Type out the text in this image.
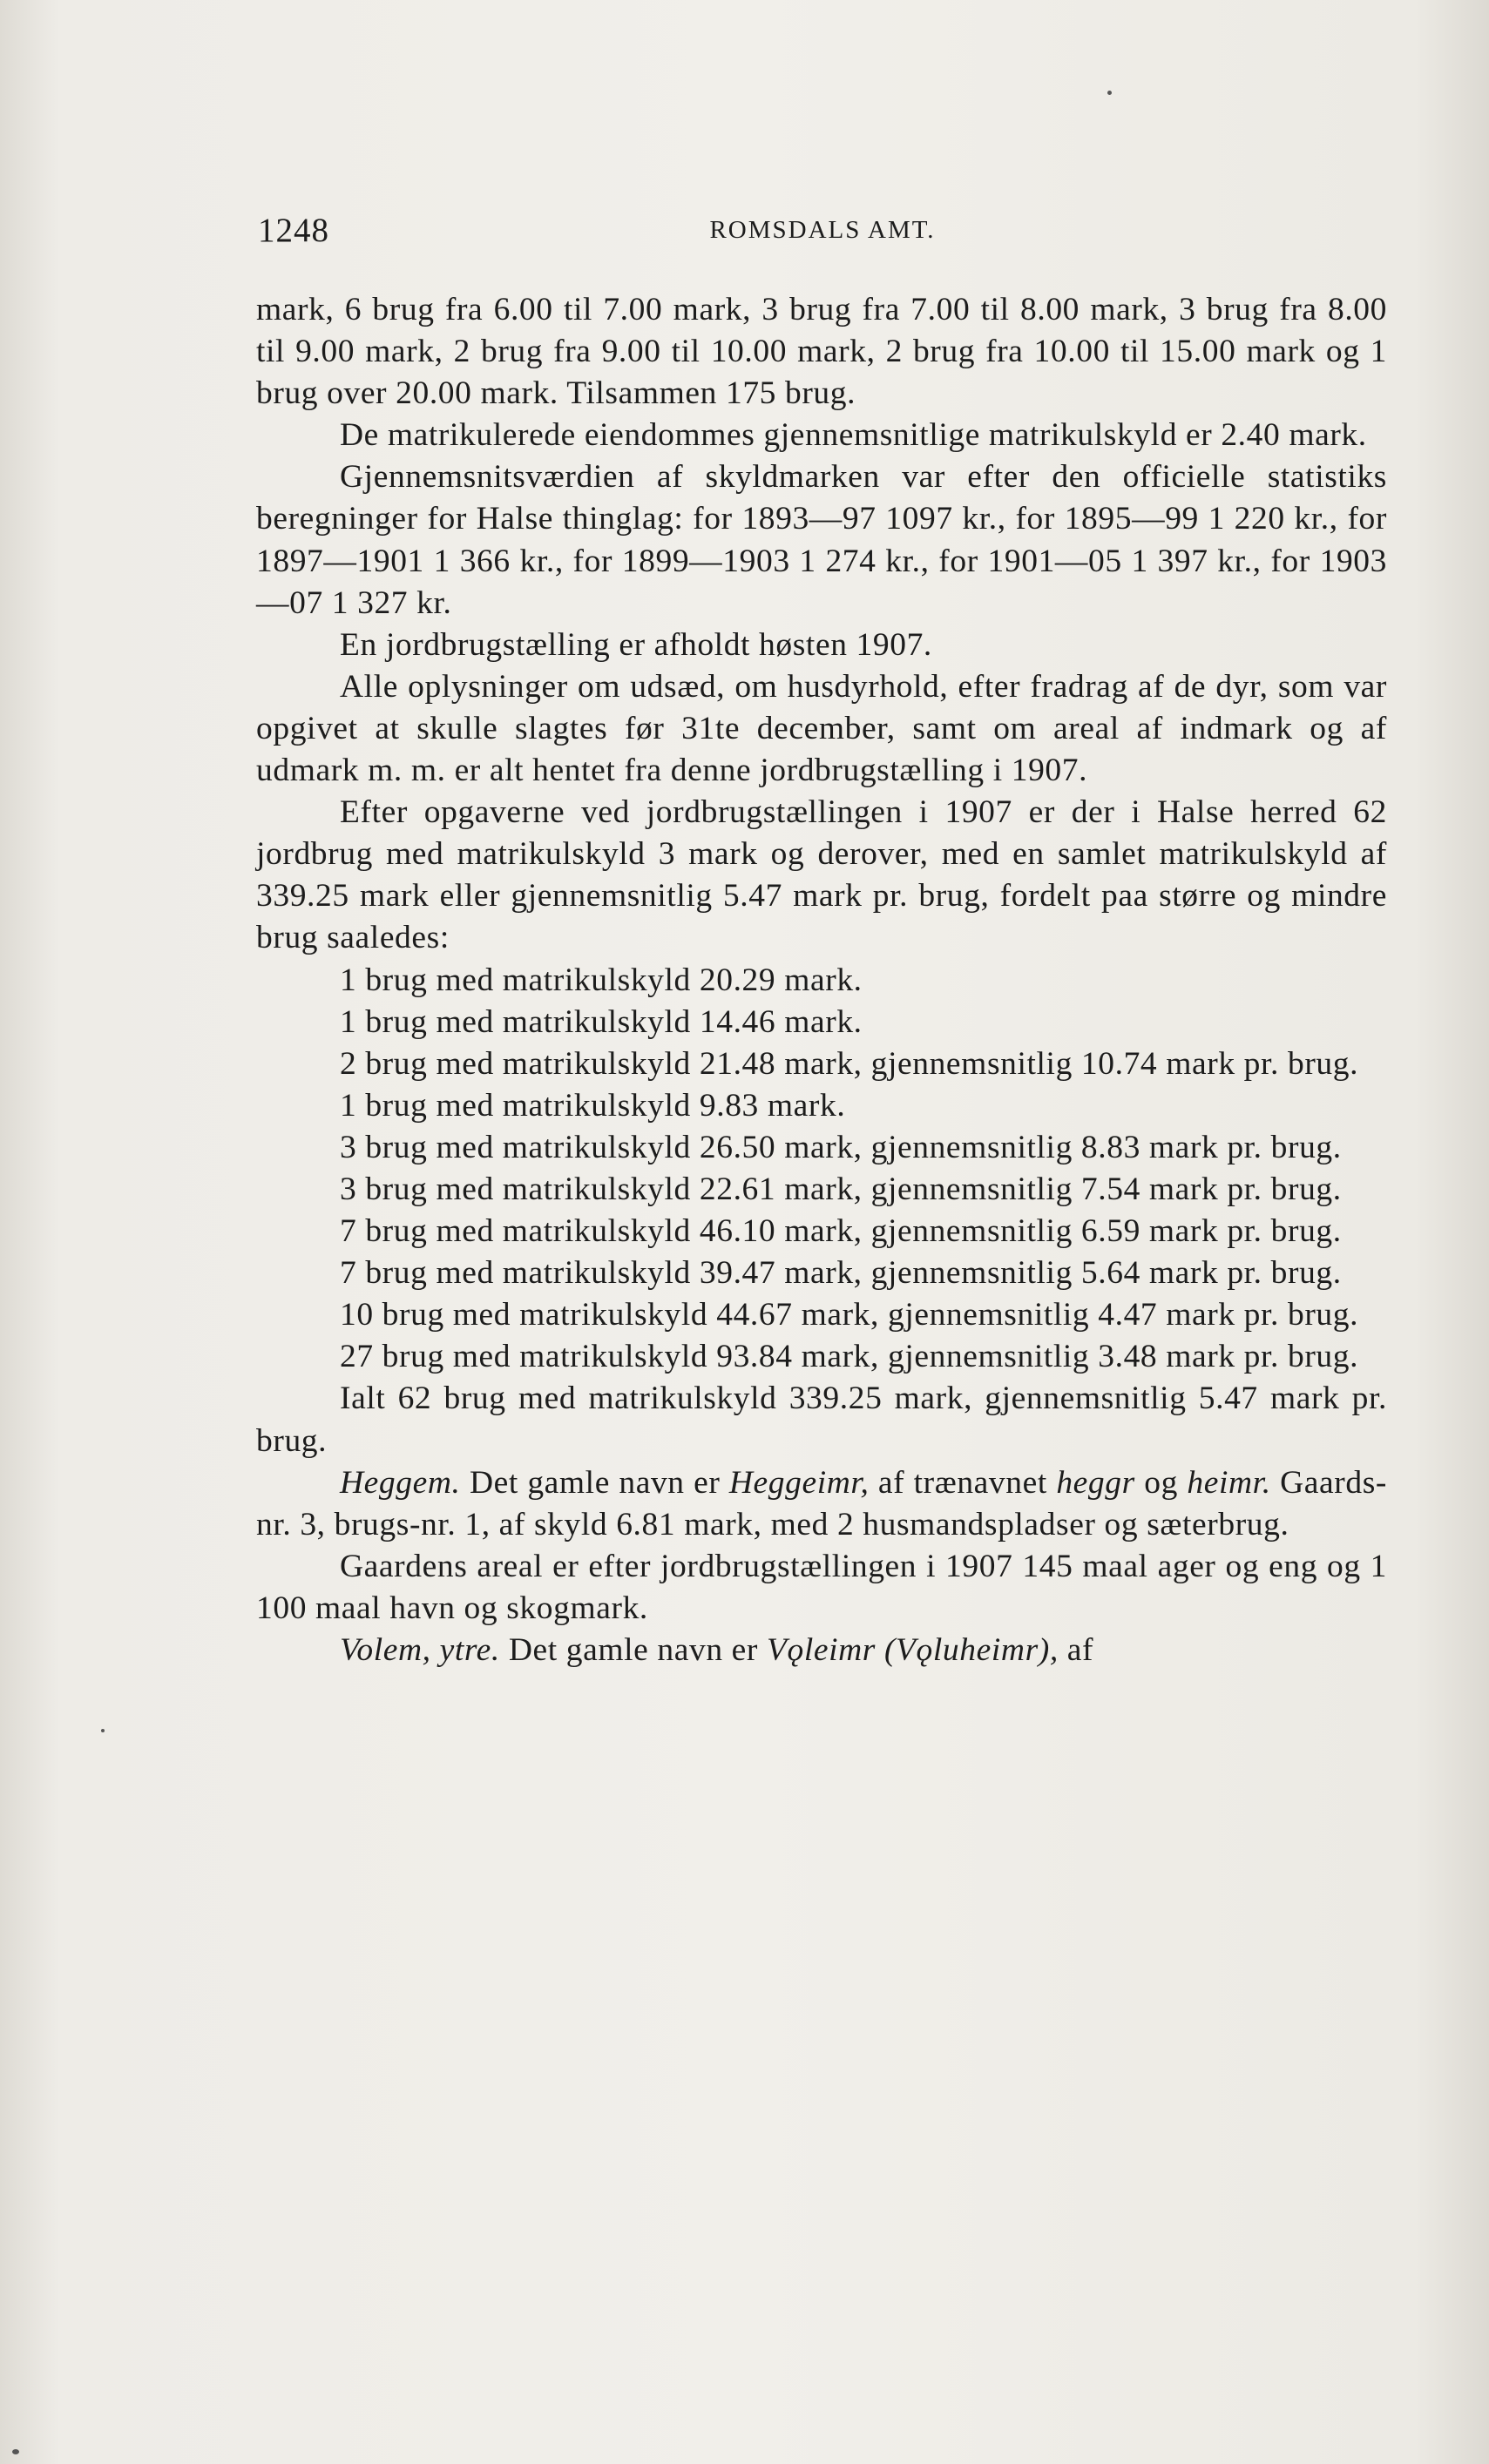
1248	ROMSDALS AMT.

mark, 6 brug fra 6.00 til 7.00 mark, 3 brug fra 7.00 til 8.00 mark, 3 brug fra 8.00 til 9.00 mark, 2 brug fra 9.00 til 10.00 mark, 2 brug fra 10.00 til 15.00 mark og 1 brug over 20.00 mark. Tilsammen 175 brug.

De matrikulerede eiendommes gjennemsnitlige matrikulskyld er 2.40 mark.

Gjennemsnitsværdien af skyldmarken var efter den officielle statistiks beregninger for Halse thinglag: for 1893—97 1097 kr., for 1895—99 1 220 kr., for 1897—1901 1 366 kr., for 1899—1903 1 274 kr., for 1901—05 1 397 kr., for 1903—07 1 327 kr.

En jordbrugstælling er afholdt høsten 1907.

Alle oplysninger om udsæd, om husdyrhold, efter fradrag af de dyr, som var opgivet at skulle slagtes før 31te december, samt om areal af indmark og af udmark m. m. er alt hentet fra denne jordbrugstælling i 1907.

Efter opgaverne ved jordbrugstællingen i 1907 er der i Halse herred 62 jordbrug med matrikulskyld 3 mark og derover, med en samlet matrikulskyld af 339.25 mark eller gjennemsnitlig 5.47 mark pr. brug, fordelt paa større og mindre brug saaledes:

1 brug med matrikulskyld 20.29 mark.

1 brug med matrikulskyld 14.46 mark.

2 brug med matrikulskyld 21.48 mark, gjennemsnitlig 10.74 mark pr. brug.

1 brug med matrikulskyld 9.83 mark.

3 brug med matrikulskyld 26.50 mark, gjennemsnitlig 8.83 mark pr. brug.

3 brug med matrikulskyld 22.61 mark, gjennemsnitlig 7.54 mark pr. brug.

7 brug med matrikulskyld 46.10 mark, gjennemsnitlig 6.59 mark pr. brug.

7 brug med matrikulskyld 39.47 mark, gjennemsnitlig 5.64 mark pr. brug.

10 brug med matrikulskyld 44.67 mark, gjennemsnitlig 4.47 mark pr. brug.

27 brug med matrikulskyld 93.84 mark, gjennemsnitlig 3.48 mark pr. brug.

Ialt 62 brug med matrikulskyld 339.25 mark, gjennemsnitlig 5.47 mark pr. brug.

Heggem. Det gamle navn er Heggeimr, af trænavnet heggr og heimr. Gaards-nr. 3, brugs-nr. 1, af skyld 6.81 mark, med 2 husmandspladser og sæterbrug.

Gaardens areal er efter jordbrugstællingen i 1907 145 maal ager og eng og 1 100 maal havn og skogmark.

Volem, ytre. Det gamle navn er Vǫleimr (Vǫluheimr), af
